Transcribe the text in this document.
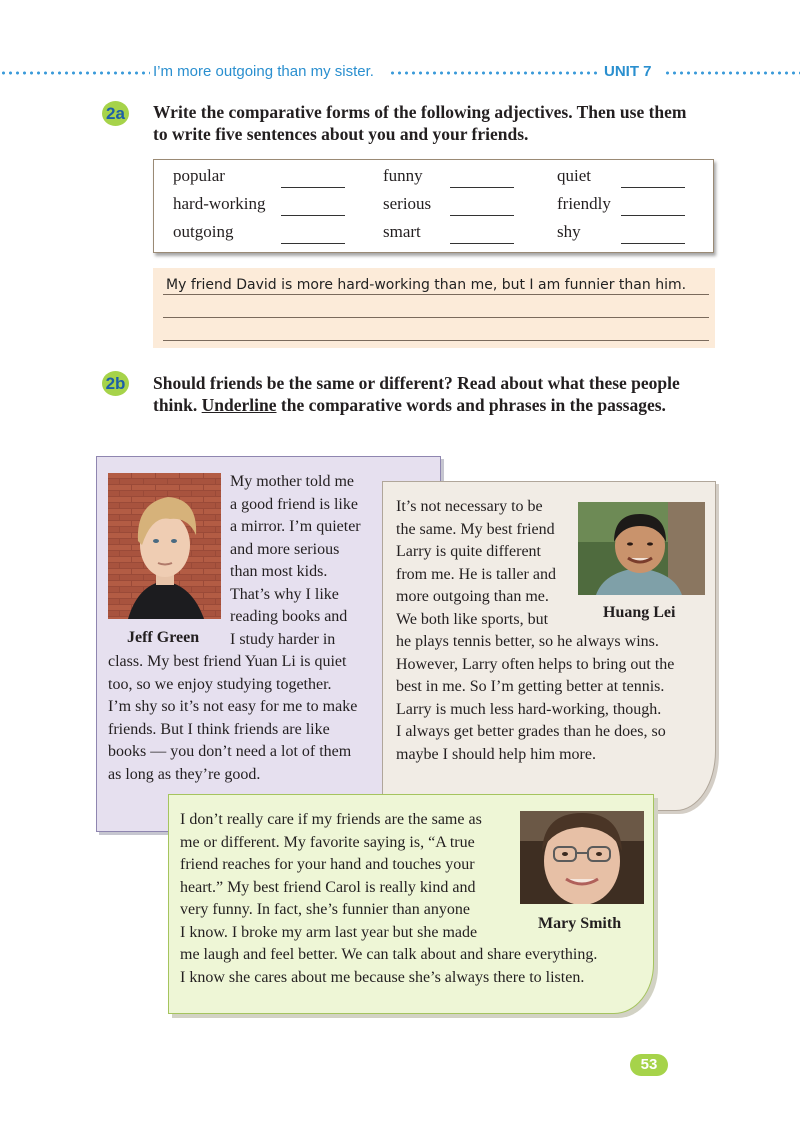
I’m more outgoing than my sister.	UNIT 7
2a Write the comparative forms of the following adjectives. Then use them
to write five sentences about you and your friends.
popular	funny	quiet
hard-working	serious	friendly
outgoing	smart	shy
My friend David is more hard-working than me, but I am funnier than him.
2b Should friends be the same or different? Read about what these people
think. Underline the comparative words and phrases in the passages.
Jeff Green
My mother told me
a good friend is like
a mirror. I’m quieter
and more serious
than most kids.
That’s why I like
reading books and
I study harder in
class. My best friend Yuan Li is quiet
too, so we enjoy studying together.
I’m shy so it’s not easy for me to make
friends. But I think friends are like
books — you don’t need a lot of them
as long as they’re good.
It’s not necessary to be
the same. My best friend
Larry is quite different
from me. He is taller and
more outgoing than me.
We both like sports, but
he plays tennis better, so he always wins.
However, Larry often helps to bring out the
best in me. So I’m getting better at tennis.
Larry is much less hard-working, though.
I always get better grades than he does, so
maybe I should help him more.
Huang Lei
I don’t really care if my friends are the same as
me or different. My favorite saying is, “A true
friend reaches for your hand and touches your
heart.” My best friend Carol is really kind and
very funny. In fact, she’s funnier than anyone
I know. I broke my arm last year but she made
me laugh and feel better. We can talk about and share everything.
I know she cares about me because she’s always there to listen.
Mary Smith
53
